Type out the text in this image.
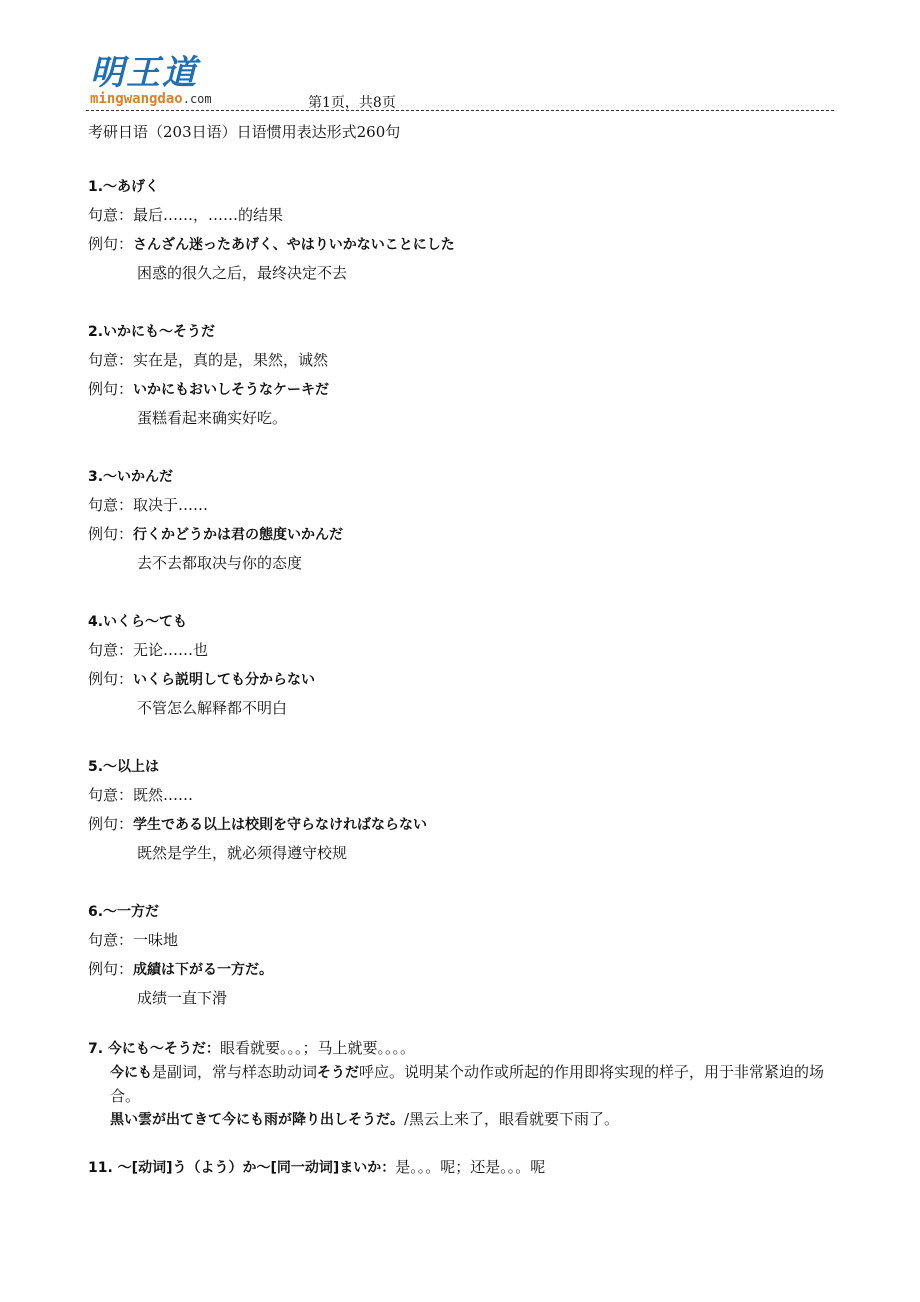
明王道
mingwangdao.com	第1页，共8页
考研日语（203日语）日语惯用表达形式260句
1.～あげく
句意：最后……，……的结果
例句：さんざん迷ったあげく、やはりいかないことにした
困惑的很久之后，最终决定不去
2.いかにも～そうだ
句意：实在是，真的是，果然，诚然
例句：いかにもおいしそうなケーキだ
蛋糕看起来确实好吃。
3.～いかんだ
句意：取决于……
例句：行くかどうかは君の態度いかんだ
去不去都取决与你的态度
4.いくら～ても
句意：无论……也
例句：いくら説明しても分からない
不管怎么解释都不明白
5.～以上は
句意：既然……
例句：学生である以上は校則を守らなければならない
既然是学生，就必须得遵守校规
6.～一方だ
句意：一味地
例句：成績は下がる一方だ。
成绩一直下滑
7. 今にも～そうだ：眼看就要。。。；马上就要。。。。
今にも是副词，常与样态助动词そうだ呼应。说明某个动作或所起的作用即将实现的样子，用于非常紧迫的场合。
黒い雲が出てきて今にも雨が降り出しそうだ。/黑云上来了，眼看就要下雨了。
11. ～[动词]う（よう）か～[同一动词]まいか：是。。。呢；还是。。。呢
